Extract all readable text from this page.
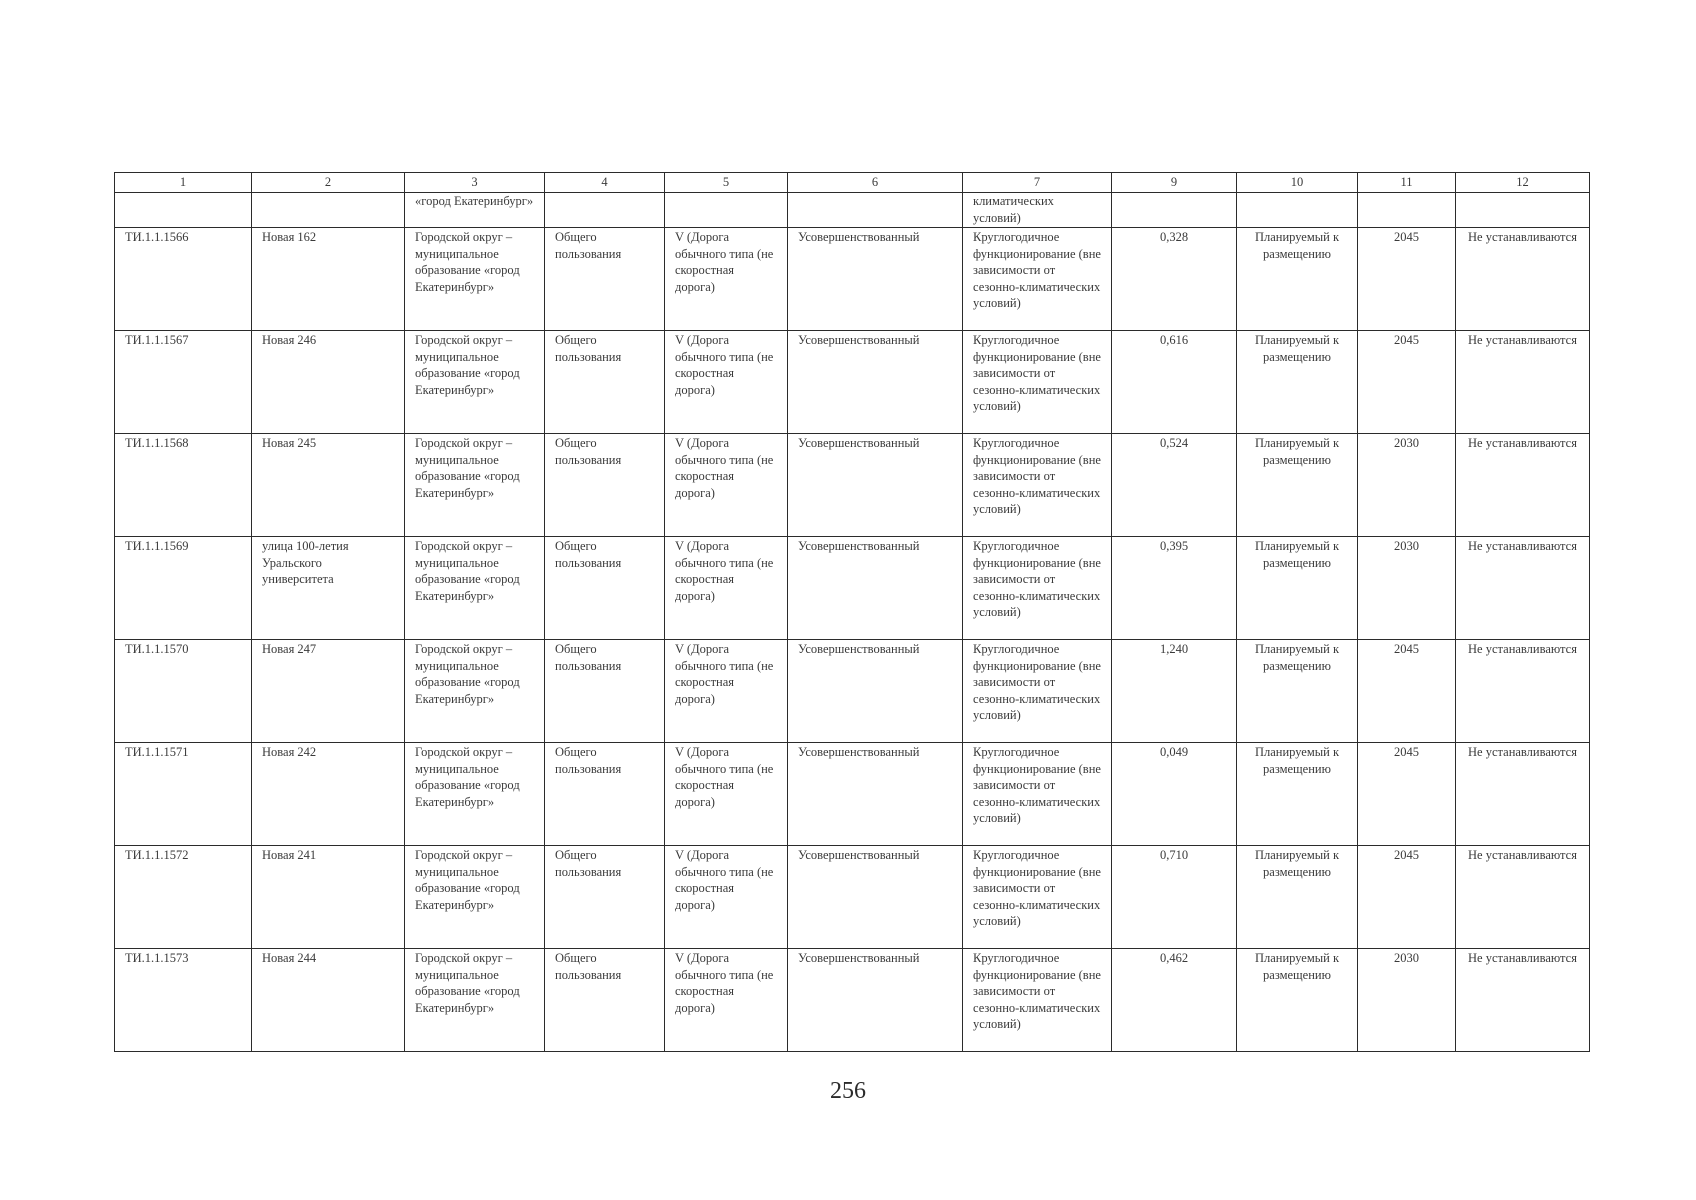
1	2	3	4	5	6	7	9	10	11	12
		«город Екатеринбург»				климатических условий)				
ТИ.1.1.1566	Новая 162	Городской округ – муниципальное образование «город Екатеринбург»	Общего пользования	V (Дорога обычного типа (не скоростная дорога)	Усовершенствованный	Круглогодичное функционирование (вне зависимости от сезонно-климатических условий)	0,328	Планируемый к размещению	2045	Не устанавливаются
ТИ.1.1.1567	Новая 246	Городской округ – муниципальное образование «город Екатеринбург»	Общего пользования	V (Дорога обычного типа (не скоростная дорога)	Усовершенствованный	Круглогодичное функционирование (вне зависимости от сезонно-климатических условий)	0,616	Планируемый к размещению	2045	Не устанавливаются
ТИ.1.1.1568	Новая 245	Городской округ – муниципальное образование «город Екатеринбург»	Общего пользования	V (Дорога обычного типа (не скоростная дорога)	Усовершенствованный	Круглогодичное функционирование (вне зависимости от сезонно-климатических условий)	0,524	Планируемый к размещению	2030	Не устанавливаются
ТИ.1.1.1569	улица 100-летия Уральского университета	Городской округ – муниципальное образование «город Екатеринбург»	Общего пользования	V (Дорога обычного типа (не скоростная дорога)	Усовершенствованный	Круглогодичное функционирование (вне зависимости от сезонно-климатических условий)	0,395	Планируемый к размещению	2030	Не устанавливаются
ТИ.1.1.1570	Новая 247	Городской округ – муниципальное образование «город Екатеринбург»	Общего пользования	V (Дорога обычного типа (не скоростная дорога)	Усовершенствованный	Круглогодичное функционирование (вне зависимости от сезонно-климатических условий)	1,240	Планируемый к размещению	2045	Не устанавливаются
ТИ.1.1.1571	Новая 242	Городской округ – муниципальное образование «город Екатеринбург»	Общего пользования	V (Дорога обычного типа (не скоростная дорога)	Усовершенствованный	Круглогодичное функционирование (вне зависимости от сезонно-климатических условий)	0,049	Планируемый к размещению	2045	Не устанавливаются
ТИ.1.1.1572	Новая 241	Городской округ – муниципальное образование «город Екатеринбург»	Общего пользования	V (Дорога обычного типа (не скоростная дорога)	Усовершенствованный	Круглогодичное функционирование (вне зависимости от сезонно-климатических условий)	0,710	Планируемый к размещению	2045	Не устанавливаются
ТИ.1.1.1573	Новая 244	Городской округ – муниципальное образование «город Екатеринбург»	Общего пользования	V (Дорога обычного типа (не скоростная дорога)	Усовершенствованный	Круглогодичное функционирование (вне зависимости от сезонно-климатических условий)	0,462	Планируемый к размещению	2030	Не устанавливаются
256
